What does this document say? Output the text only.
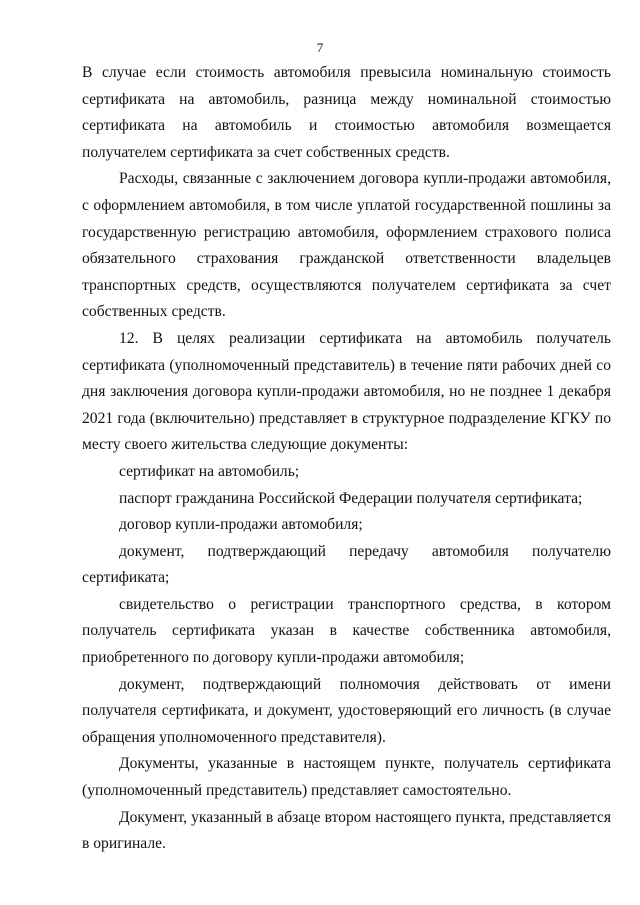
7

В случае если стоимость автомобиля превысила номинальную стоимость сертификата на автомобиль, разница между номинальной стоимостью сертификата на автомобиль и стоимостью автомобиля возмещается получателем сертификата за счет собственных средств.

Расходы, связанные с заключением договора купли-продажи автомобиля, с оформлением автомобиля, в том числе уплатой государственной пошлины за государственную регистрацию автомобиля, оформлением страхового полиса обязательного страхования гражданской ответственности владельцев транспортных средств, осуществляются получателем сертификата за счет собственных средств.

12. В целях реализации сертификата на автомобиль получатель сертификата (уполномоченный представитель) в течение пяти рабочих дней со дня заключения договора купли-продажи автомобиля, но не позднее 1 декабря 2021 года (включительно) представляет в структурное подразделение КГКУ по месту своего жительства следующие документы:

сертификат на автомобиль;

паспорт гражданина Российской Федерации получателя сертификата;

договор купли-продажи автомобиля;

документ, подтверждающий передачу автомобиля получателю сертификата;

свидетельство о регистрации транспортного средства, в котором получатель сертификата указан в качестве собственника автомобиля, приобретенного по договору купли-продажи автомобиля;

документ, подтверждающий полномочия действовать от имени получателя сертификата, и документ, удостоверяющий его личность (в случае обращения уполномоченного представителя).

Документы, указанные в настоящем пункте, получатель сертификата (уполномоченный представитель) представляет самостоятельно.

Документ, указанный в абзаце втором настоящего пункта, представляется в оригинале.
